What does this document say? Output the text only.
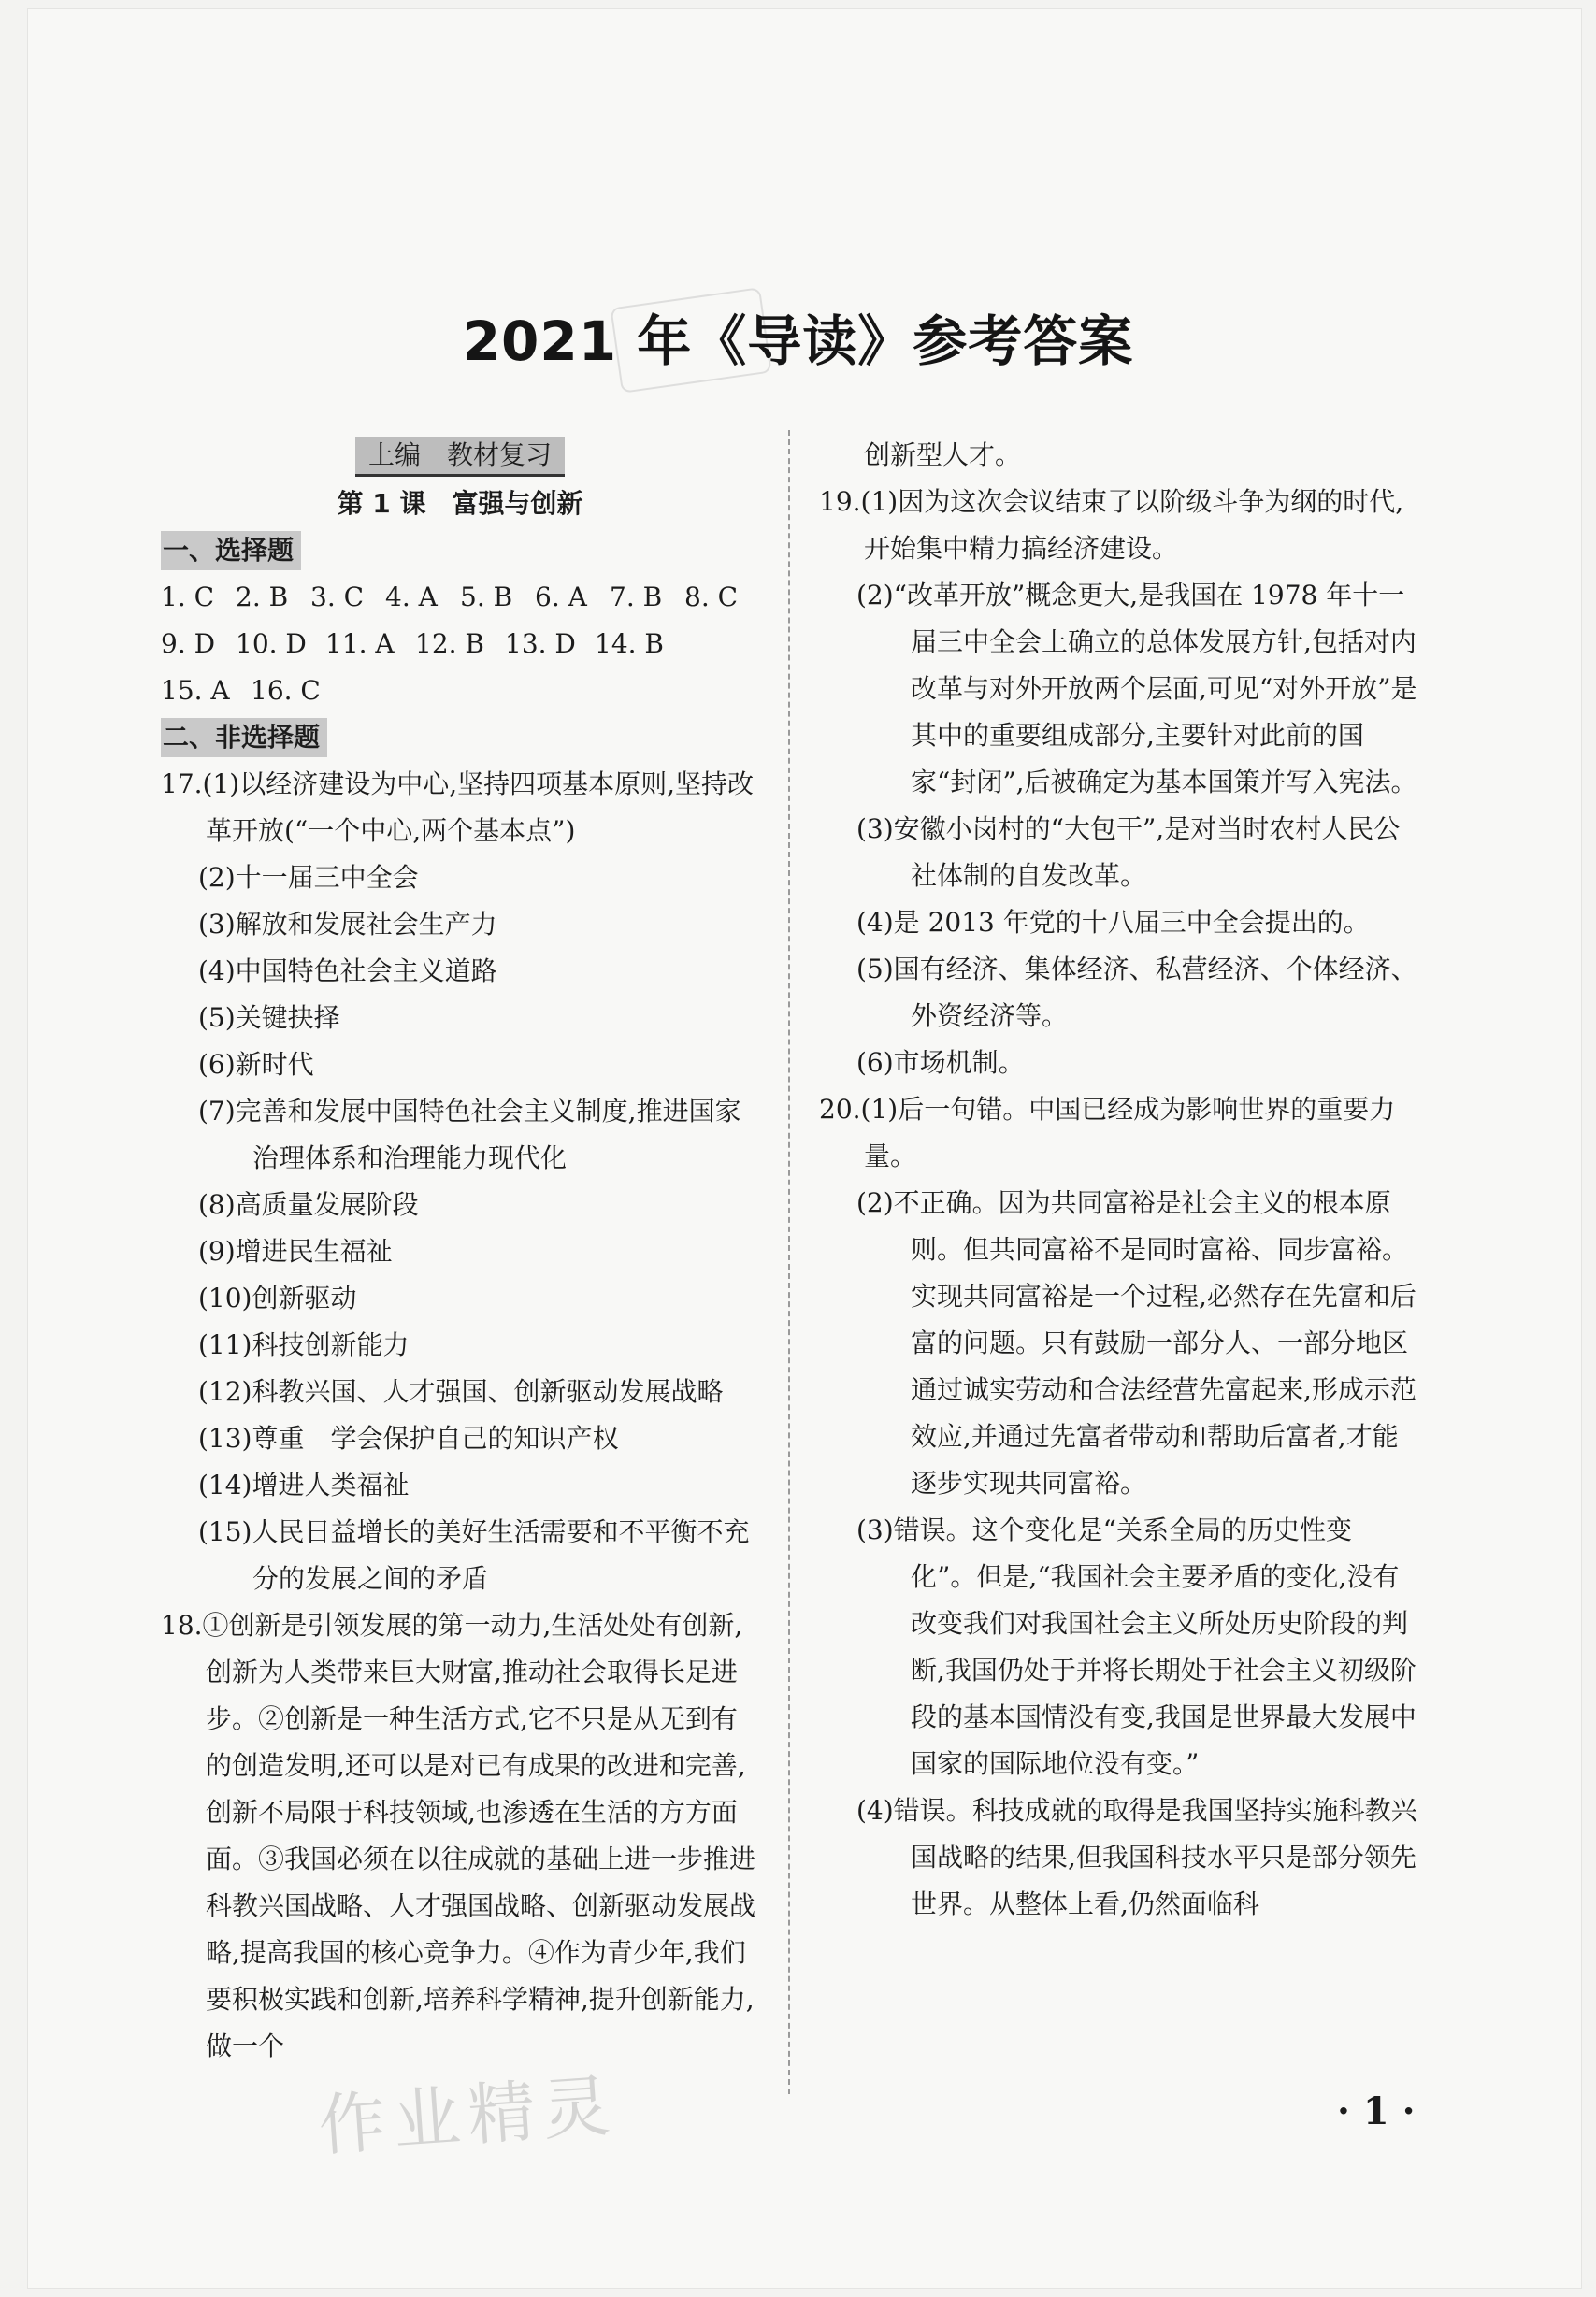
2021 年《导读》参考答案
上编　教材复习
第 1 课　富强与创新
一、选择题
1. C 2. B 3. C 4. A 5. B 6. A 7. B 8. C
9. D 10. D 11. A 12. B 13. D 14. B
15. A 16. C
二、非选择题
17.(1)以经济建设为中心,坚持四项基本原则,坚持改革开放(“一个中心,两个基本点”)
(2)十一届三中全会
(3)解放和发展社会生产力
(4)中国特色社会主义道路
(5)关键抉择
(6)新时代
(7)完善和发展中国特色社会主义制度,推进国家治理体系和治理能力现代化
(8)高质量发展阶段
(9)增进民生福祉
(10)创新驱动
(11)科技创新能力
(12)科教兴国、人才强国、创新驱动发展战略
(13)尊重　学会保护自己的知识产权
(14)增进人类福祉
(15)人民日益增长的美好生活需要和不平衡不充分的发展之间的矛盾
18.①创新是引领发展的第一动力,生活处处有创新,创新为人类带来巨大财富,推动社会取得长足进步。②创新是一种生活方式,它不只是从无到有的创造发明,还可以是对已有成果的改进和完善,创新不局限于科技领域,也渗透在生活的方方面面。③我国必须在以往成就的基础上进一步推进科教兴国战略、人才强国战略、创新驱动发展战略,提高我国的核心竞争力。④作为青少年,我们要积极实践和创新,培养科学精神,提升创新能力,做一个
创新型人才。
19.(1)因为这次会议结束了以阶级斗争为纲的时代,开始集中精力搞经济建设。
(2)“改革开放”概念更大,是我国在 1978 年十一届三中全会上确立的总体发展方针,包括对内改革与对外开放两个层面,可见“对外开放”是其中的重要组成部分,主要针对此前的国家“封闭”,后被确定为基本国策并写入宪法。
(3)安徽小岗村的“大包干”,是对当时农村人民公社体制的自发改革。
(4)是 2013 年党的十八届三中全会提出的。
(5)国有经济、集体经济、私营经济、个体经济、外资经济等。
(6)市场机制。
20.(1)后一句错。中国已经成为影响世界的重要力量。
(2)不正确。因为共同富裕是社会主义的根本原则。但共同富裕不是同时富裕、同步富裕。实现共同富裕是一个过程,必然存在先富和后富的问题。只有鼓励一部分人、一部分地区通过诚实劳动和合法经营先富起来,形成示范效应,并通过先富者带动和帮助后富者,才能逐步实现共同富裕。
(3)错误。这个变化是“关系全局的历史性变化”。但是,“我国社会主要矛盾的变化,没有改变我们对我国社会主义所处历史阶段的判断,我国仍处于并将长期处于社会主义初级阶段的基本国情没有变,我国是世界最大发展中国家的国际地位没有变。”
(4)错误。科技成就的取得是我国坚持实施科教兴国战略的结果,但我国科技水平只是部分领先世界。从整体上看,仍然面临科
作业精灵	· 1 ·
